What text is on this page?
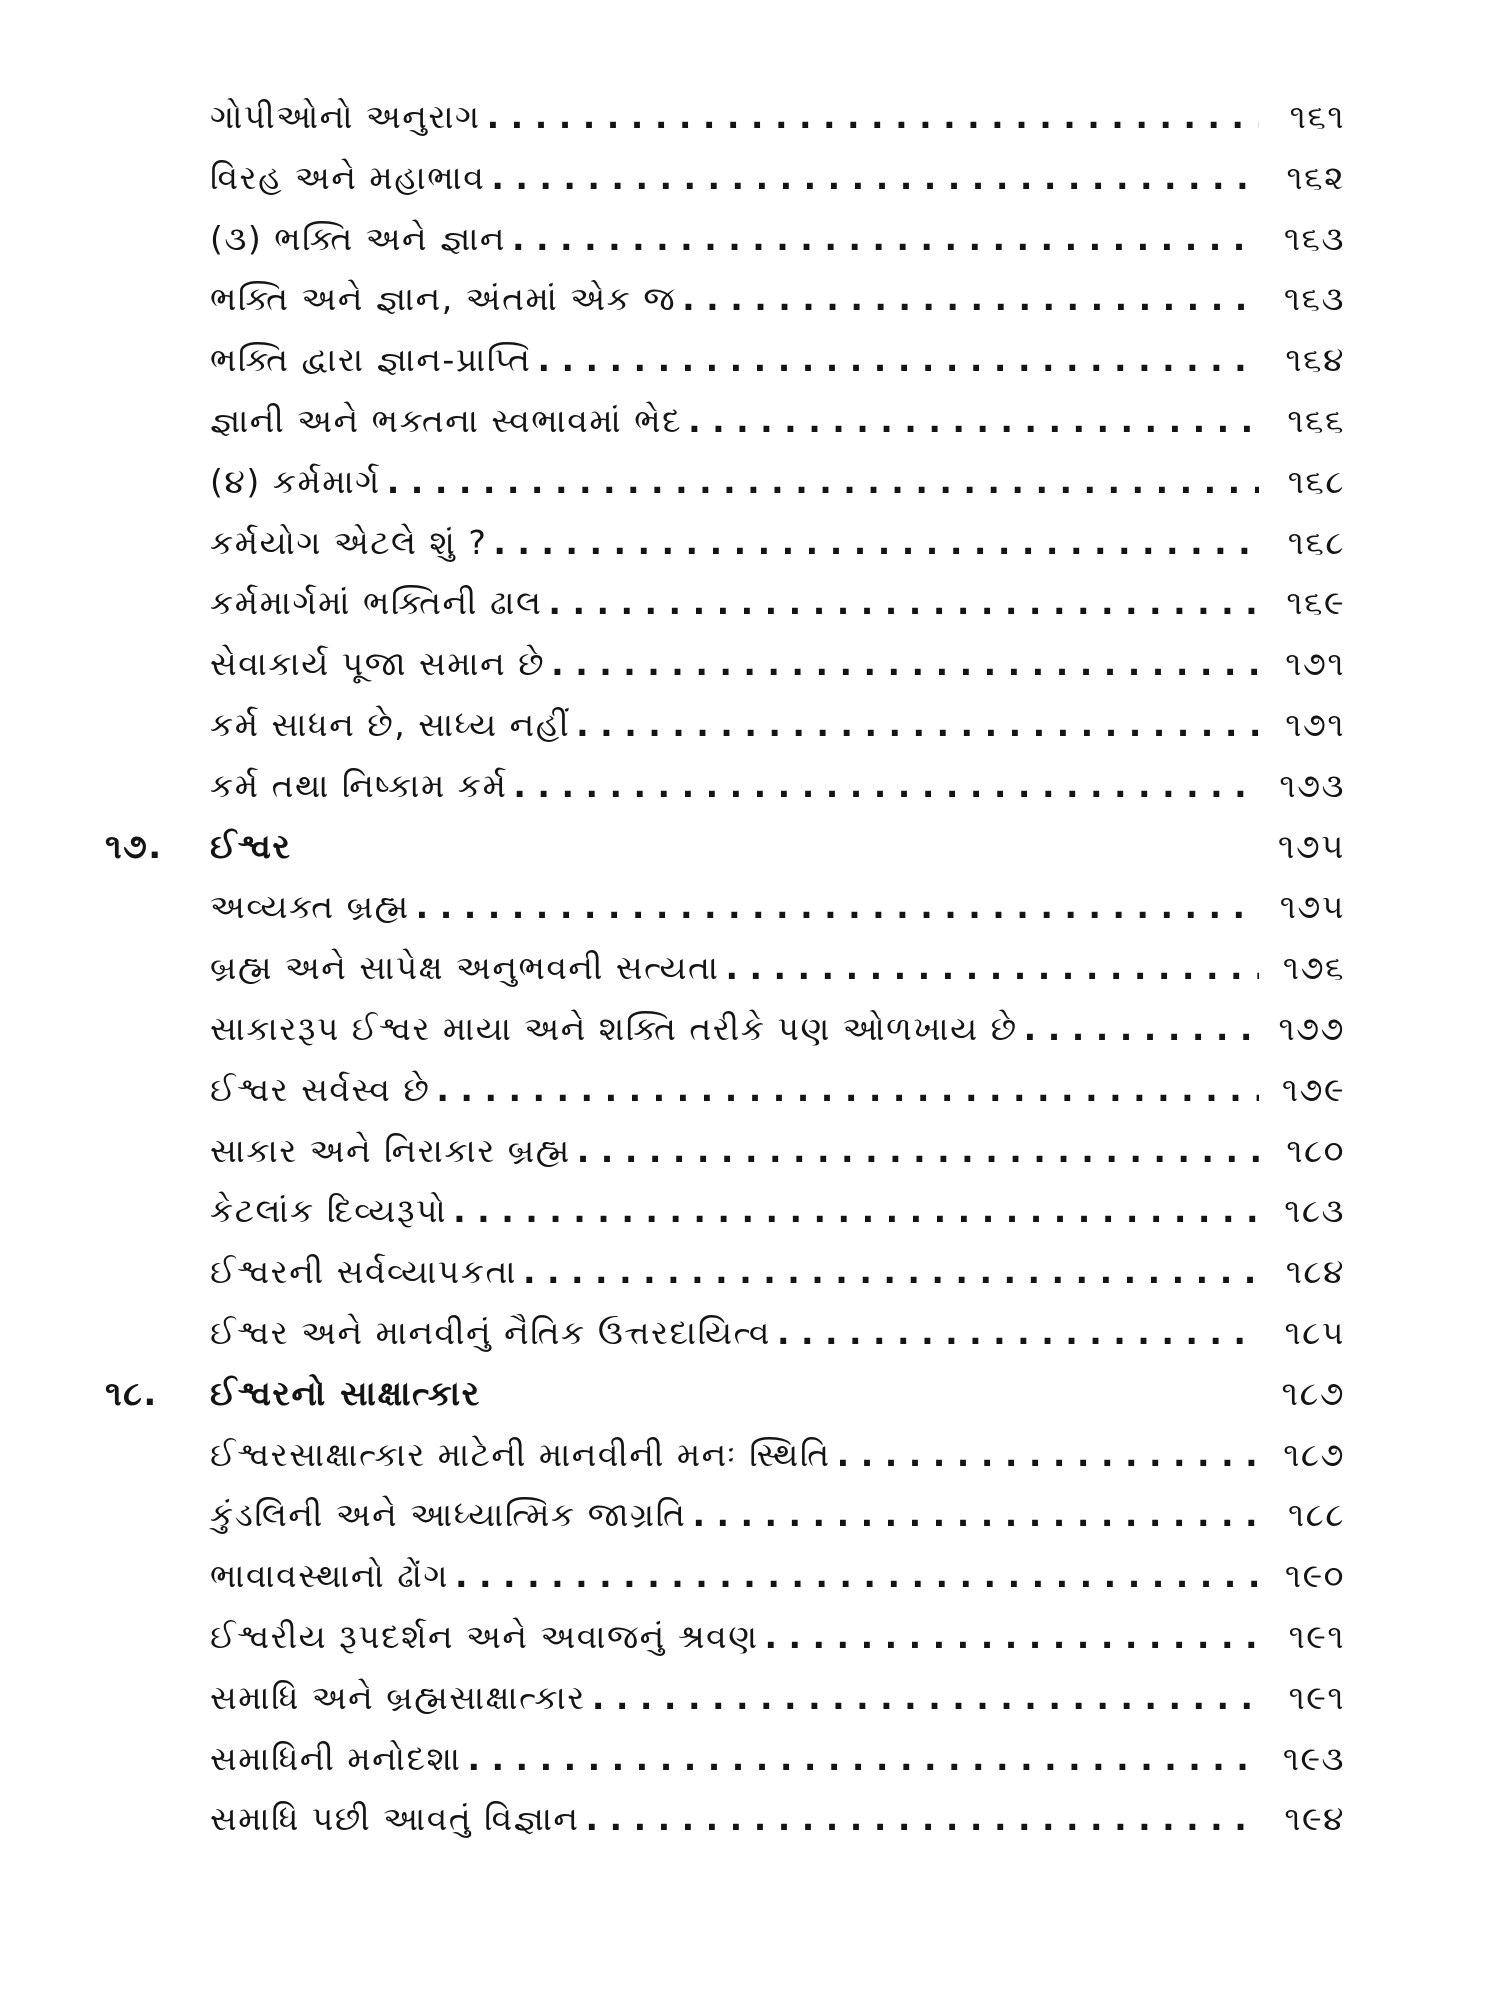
ગોપીઓનો અનુરાગ . . .	૧૬૧
વિરહ અને મહાભાવ . . .	૧૬૨
(૩) ભક્તિ અને જ્ઞાન . . .	૧૬૩
ભક્તિ અને જ્ઞાન, અંતમાં એક જ . . .	૧૬૩
ભક્તિ દ્વારા જ્ઞાન-પ્રાપ્તિ . . .	૧૬૪
જ્ઞાની અને ભક્તના સ્વભાવમાં ભેદ . . .	૧૬૬
(૪) કર્મમાર્ગ . . .	૧૬૮
કર્મયોગ એટલે શું ? . . .	૧૬૮
કર્મમાર્ગમાં ભક્તિની ઢાલ . . .	૧૬૯
સેવાકાર્ય પૂજા સમાન છે . . .	૧૭૧
કર્મ સાધન છે, સાધ્ય નહીં . . .	૧૭૧
કર્મ તથા નિષ્કામ કર્મ . . .	૧૭૩
૧૭.	ઈશ્વર	૧૭૫
અવ્યક્ત બ્રહ્મ . . .	૧૭૫
બ્રહ્મ અને સાપેક્ષ અનુભવની સત્યતા . . .	૧૭૬
સાકારરૂપ ઈશ્વર માયા અને શક્તિ તરીકે પણ ઓળખાય છે . . .	૧૭૭
ઈશ્વર સર્વસ્વ છે . . .	૧૭૯
સાકાર અને નિરાકાર બ્રહ્મ . . .	૧૮૦
કેટલાંક દિવ્યરૂપો . . .	૧૮૩
ઈશ્વરની સર્વવ્યાપકતા . . .	૧૮૪
ઈશ્વર અને માનવીનું નૈતિક ઉત્તરદાયિત્વ . . .	૧૮૫
૧૮.	ઈશ્વરનો સાક્ષાત્કાર	૧૮૭
ઈશ્વરસાક્ષાત્કાર માટેની માનવીની મનઃ સ્થિતિ . . .	૧૮૭
કુંડલિની અને આધ્યાત્મિક જાગ્રતિ . . .	૧૮૮
ભાવાવસ્થાનો ઢોંગ . . .	૧૯૦
ઈશ્વરીય રૂપદર્શન અને અવાજનું શ્રવણ . . .	૧૯૧
સમાધિ અને બ્રહ્મસાક્ષાત્કાર . . .	૧૯૧
સમાધિની મનોદશા . . .	૧૯૩
સમાધિ પછી આવતું વિજ્ઞાન . . .	૧૯૪
